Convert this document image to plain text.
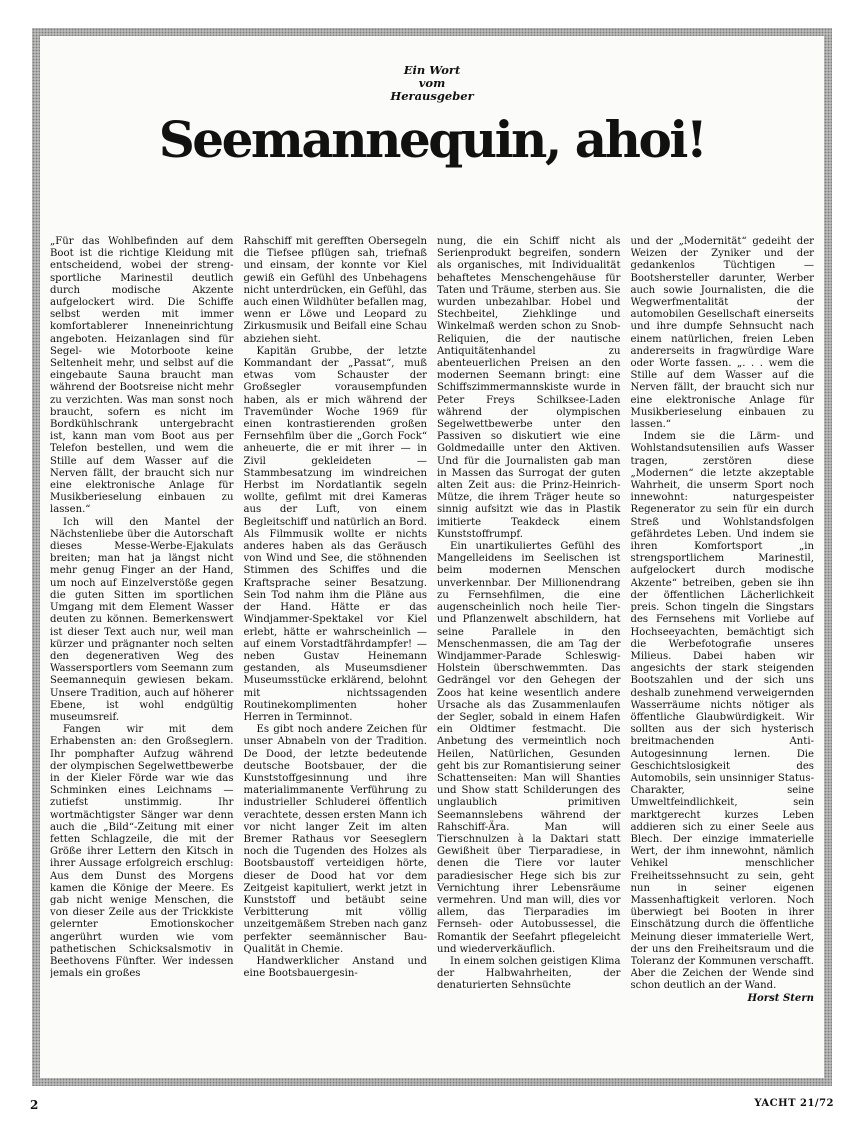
Ein Wort
vom
Herausgeber
Seemannequin, ahoi!

„Für das Wohlbefinden auf dem Boot ist die richtige Kleidung mit entscheidend, wobei der streng-sportliche Marinestil deutlich durch modische Akzente aufgelockert wird. Die Schiffe selbst werden mit immer komfortablerer Inneneinrichtung angeboten. Heizanlagen sind für Segel- wie Motorboote keine Seltenheit mehr, und selbst auf die eingebaute Sauna braucht man während der Bootsreise nicht mehr zu verzichten. Was man sonst noch braucht, sofern es nicht im Bordkühlschrank untergebracht ist, kann man vom Boot aus per Telefon bestellen, und wem die Stille auf dem Wasser auf die Nerven fällt, der braucht sich nur eine elektronische Anlage für Musikberieselung einbauen zu lassen.“

Ich will den Mantel der Nächstenliebe über die Autorschaft dieses Messe-Werbe-Ejakulats breiten; man hat ja längst nicht mehr genug Finger an der Hand, um noch auf Einzelverstöße gegen die guten Sitten im sportlichen Umgang mit dem Element Wasser deuten zu können. Bemerkenswert ist dieser Text auch nur, weil man kürzer und prägnanter noch selten den degenerativen Weg des Wassersportlers vom Seemann zum Seemannequin gewiesen bekam. Unsere Tradition, auch auf höherer Ebene, ist wohl endgültig museumsreif.

Fangen wir mit dem Erhabensten an: den Großseglern. Ihr pomphafter Aufzug während der olympischen Segelwettbewerbe in der Kieler Förde war wie das Schminken eines Leichnams — zutiefst unstimmig. Ihr wortmächtigster Sänger war denn auch die „Bild“-Zeitung mit einer fetten Schlagzeile, die mit der Größe ihrer Lettern den Kitsch in ihrer Aussage erfolgreich erschlug: Aus dem Dunst des Morgens kamen die Könige der Meere. Es gab nicht wenige Menschen, die von dieser Zeile aus der Trickkiste gelernter Emotionskocher angerührt wurden wie vom pathetischen Schicksalsmotiv in Beethovens Fünfter. Wer indessen jemals ein großes

Rahschiff mit gerefften Obersegeln die Tiefsee pflügen sah, triefnaß und einsam, der konnte vor Kiel gewiß ein Gefühl des Unbehagens nicht unterdrücken, ein Gefühl, das auch einen Wildhüter befallen mag, wenn er Löwe und Leopard zu Zirkusmusik und Beifall eine Schau abziehen sieht.

Kapitän Grubbe, der letzte Kommandant der „Passat“, muß etwas vom Schauster der Großsegler vorausempfunden haben, als er mich während der Travemünder Woche 1969 für einen kontrastierenden großen Fernsehfilm über die „Gorch Fock“ anheuerte, die er mit ihrer — in Zivil gekleideten — Stammbesatzung im windreichen Herbst im Nordatlantik segeln wollte, gefilmt mit drei Kameras aus der Luft, von einem Begleitschiff und natürlich an Bord. Als Filmmusik wollte er nichts anderes haben als das Geräusch von Wind und See, die stöhnenden Stimmen des Schiffes und die Kraftsprache seiner Besatzung. Sein Tod nahm ihm die Pläne aus der Hand. Hätte er das Windjammer-Spektakel vor Kiel erlebt, hätte er wahrscheinlich — auf einem Vorstadtfährdampfer! — neben Gustav Heinemann gestanden, als Museumsdiener Museumsstücke erklärend, belohnt mit nichtssagenden Routinekomplimenten hoher Herren in Terminnot.

Es gibt noch andere Zeichen für unser Abnabeln von der Tradition. De Dood, der letzte bedeutende deutsche Bootsbauer, der die Kunststoffgesinnung und ihre materialimmanente Verführung zu industrieller Schluderei öffentlich verachtete, dessen ersten Mann ich vor nicht langer Zeit im alten Bremer Rathaus vor Seeseglern noch die Tugenden des Holzes als Bootsbaustoff verteidigen hörte, dieser de Dood hat vor dem Zeitgeist kapituliert, werkt jetzt in Kunststoff und betäubt seine Verbitterung mit völlig unzeitgemäßem Streben nach ganz perfekter seemännischer Bau-Qualität in Chemie.

Handwerklicher Anstand und eine Bootsbauergesin-

nung, die ein Schiff nicht als Serienprodukt begreifen, sondern als organisches, mit Individualität behaftetes Menschengehäuse für Taten und Träume, sterben aus. Sie wurden unbezahlbar. Hobel und Stechbeitel, Ziehklinge und Winkelmaß werden schon zu Snob-Reliquien, die der nautische Antiquitätenhandel zu abenteuerlichen Preisen an den modernen Seemann bringt: eine Schiffszimmermannskiste wurde in Peter Freys Schilksee-Laden während der olympischen Segelwettbewerbe unter den Passiven so diskutiert wie eine Goldmedaille unter den Aktiven. Und für die Journalisten gab man in Massen das Surrogat der guten alten Zeit aus: die Prinz-Heinrich-Mütze, die ihrem Träger heute so sinnig aufsitzt wie das in Plastik imitierte Teakdeck einem Kunststoffrumpf.

Ein unartikuliertes Gefühl des Mangelleidens im Seelischen ist beim modernen Menschen unverkennbar. Der Millionendrang zu Fernsehfilmen, die eine augenscheinlich noch heile Tier- und Pflanzenwelt abschildern, hat seine Parallele in den Menschenmassen, die am Tag der Windjammer-Parade Schleswig-Holstein überschwemmten. Das Gedrängel vor den Gehegen der Zoos hat keine wesentlich andere Ursache als das Zusammenlaufen der Segler, sobald in einem Hafen ein Oldtimer festmacht. Die Anbetung des vermeintlich noch Heilen, Natürlichen, Gesunden geht bis zur Romantisierung seiner Schattenseiten: Man will Shanties und Show statt Schilderungen des unglaublich primitiven Seemannslebens während der Rahschiff-Ära. Man will Tierschnulzen à la Daktari statt Gewißheit über Tierparadiese, in denen die Tiere vor lauter paradiesischer Hege sich bis zur Vernichtung ihrer Lebensräume vermehren. Und man will, dies vor allem, das Tierparadies im Fernseh- oder Autobussessel, die Romantik der Seefahrt pflegeleicht und wiederverkäuflich.

In einem solchen geistigen Klima der Halbwahrheiten, der denaturierten Sehnsüchte

und der „Modernität“ gedeiht der Weizen der Zyniker und der gedankenlos Tüchtigen — Bootshersteller darunter, Werber auch sowie Journalisten, die die Wegwerfmentalität der automobilen Gesellschaft einerseits und ihre dumpfe Sehnsucht nach einem natürlichen, freien Leben andererseits in fragwürdige Ware oder Worte fassen. „. . . wem die Stille auf dem Wasser auf die Nerven fällt, der braucht sich nur eine elektronische Anlage für Musikberieselung einbauen zu lassen.“

Indem sie die Lärm- und Wohlstandsutensilien aufs Wasser tragen, zerstören diese „Modernen“ die letzte akzeptable Wahrheit, die unserm Sport noch innewohnt: naturgespeister Regenerator zu sein für ein durch Streß und Wohlstandsfolgen gefährdetes Leben. Und indem sie ihren Komfortsport „in strengsportlichem Marinestil, aufgelockert durch modische Akzente“ betreiben, geben sie ihn der öffentlichen Lächerlichkeit preis. Schon tingeln die Singstars des Fernsehens mit Vorliebe auf Hochseeyachten, bemächtigt sich die Werbefotografie unseres Milieus. Dabei haben wir angesichts der stark steigenden Bootszahlen und der sich uns deshalb zunehmend verweigernden Wasserräume nichts nötiger als öffentliche Glaubwürdigkeit. Wir sollten aus der sich hysterisch breitmachenden Anti-Autogesinnung lernen. Die Geschichtslosigkeit des Automobils, sein unsinniger Status-Charakter, seine Umweltfeindlichkeit, sein marktgerecht kurzes Leben addieren sich zu einer Seele aus Blech. Der einzige immaterielle Wert, der ihm innewohnt, nämlich Vehikel menschlicher Freiheitssehnsucht zu sein, geht nun in seiner eigenen Massenhaftigkeit verloren. Noch überwiegt bei Booten in ihrer Einschätzung durch die öffentliche Meinung dieser immaterielle Wert, der uns den Freiheitsraum und die Toleranz der Kommunen verschafft. Aber die Zeichen der Wende sind schon deutlich an der Wand.

Horst Stern

2	YACHT 21/72
